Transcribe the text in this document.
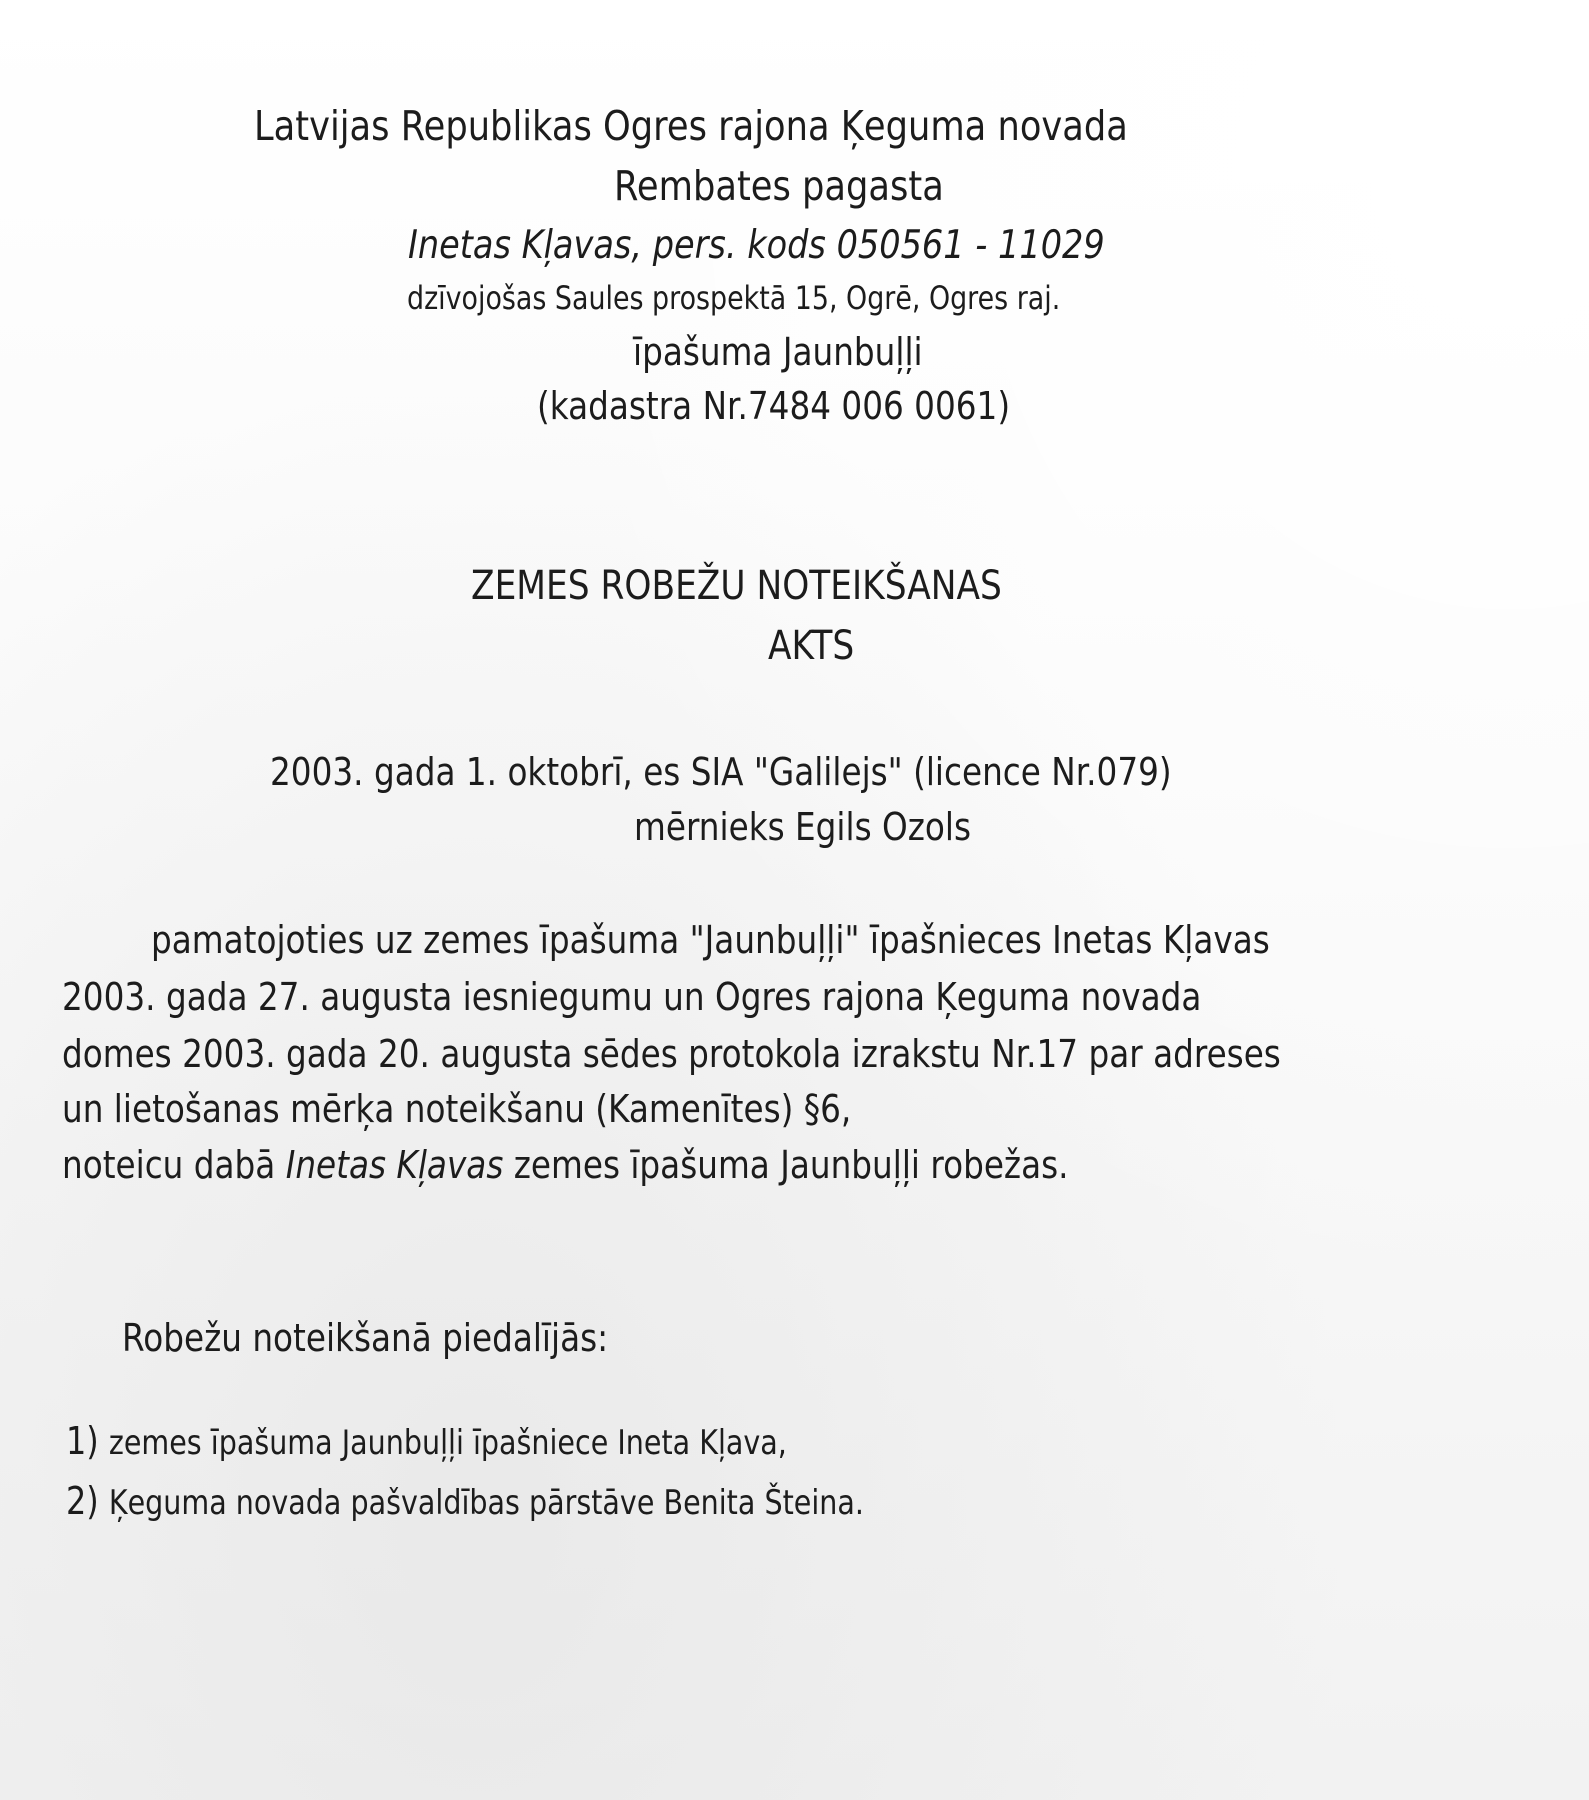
Latvijas Republikas Ogres rajona Ķeguma novada
Rembates pagasta
Inetas Kļavas, pers. kods 050561 - 11029
dzīvojošas Saules prospektā 15, Ogrē, Ogres raj.
īpašuma Jaunbuļļi
(kadastra Nr.7484 006 0061)
ZEMES ROBEŽU NOTEIKŠANAS
AKTS
2003. gada 1. oktobrī, es SIA "Galilejs" (licence Nr.079)
mērnieks Egils Ozols
pamatojoties uz zemes īpašuma "Jaunbuļļi" īpašnieces Inetas Kļavas
2003. gada 27. augusta iesniegumu un Ogres rajona Ķeguma novada
domes 2003. gada 20. augusta sēdes protokola izrakstu Nr.17 par adreses
un lietošanas mērķa noteikšanu (Kamenītes) §6,
noteicu dabā Inetas Kļavas zemes īpašuma Jaunbuļļi robežas.
Robežu noteikšanā piedalījās:
1) zemes īpašuma Jaunbuļļi īpašniece Ineta Kļava,
2) Ķeguma novada pašvaldības pārstāve Benita Šteina.
